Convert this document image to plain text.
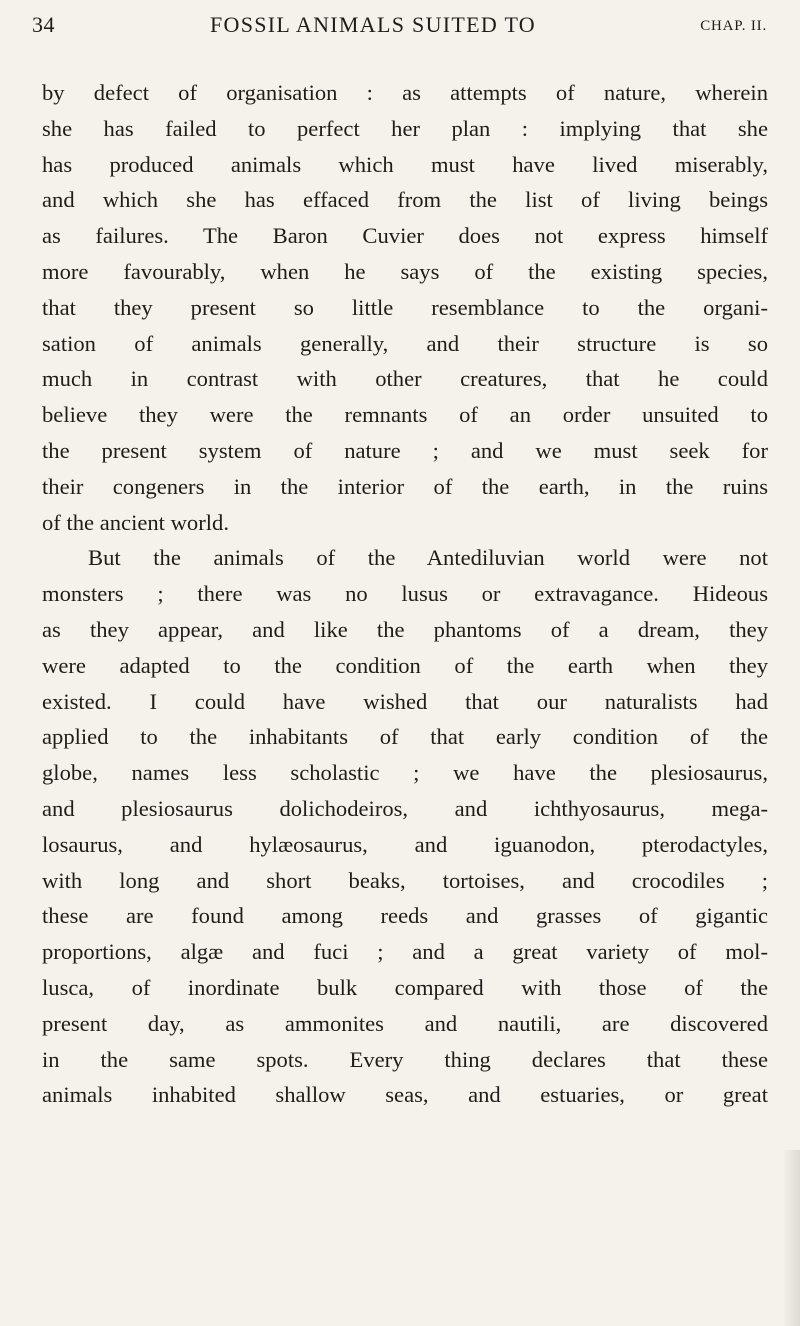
34	FOSSIL ANIMALS SUITED TO	CHAP. II.
by defect of organisation : as attempts of nature, wherein
she has failed to perfect her plan : implying that she
has produced animals which must have lived miserably,
and which she has effaced from the list of living beings
as failures. The Baron Cuvier does not express himself
more favourably, when he says of the existing species,
that they present so little resemblance to the organi-
sation of animals generally, and their structure is so
much in contrast with other creatures, that he could
believe they were the remnants of an order unsuited to
the present system of nature ; and we must seek for
their congeners in the interior of the earth, in the ruins
of the ancient world.
But the animals of the Antediluvian world were not
monsters ; there was no lusus or extravagance. Hideous
as they appear, and like the phantoms of a dream, they
were adapted to the condition of the earth when they
existed. I could have wished that our naturalists had
applied to the inhabitants of that early condition of the
globe, names less scholastic ; we have the plesiosaurus,
and plesiosaurus dolichodeiros, and ichthyosaurus, mega-
losaurus, and hylæosaurus, and iguanodon, pterodactyles,
with long and short beaks, tortoises, and crocodiles ;
these are found among reeds and grasses of gigantic
proportions, algæ and fuci ; and a great variety of mol-
lusca, of inordinate bulk compared with those of the
present day, as ammonites and nautili, are discovered
in the same spots. Every thing declares that these
animals inhabited shallow seas, and estuaries, or great
